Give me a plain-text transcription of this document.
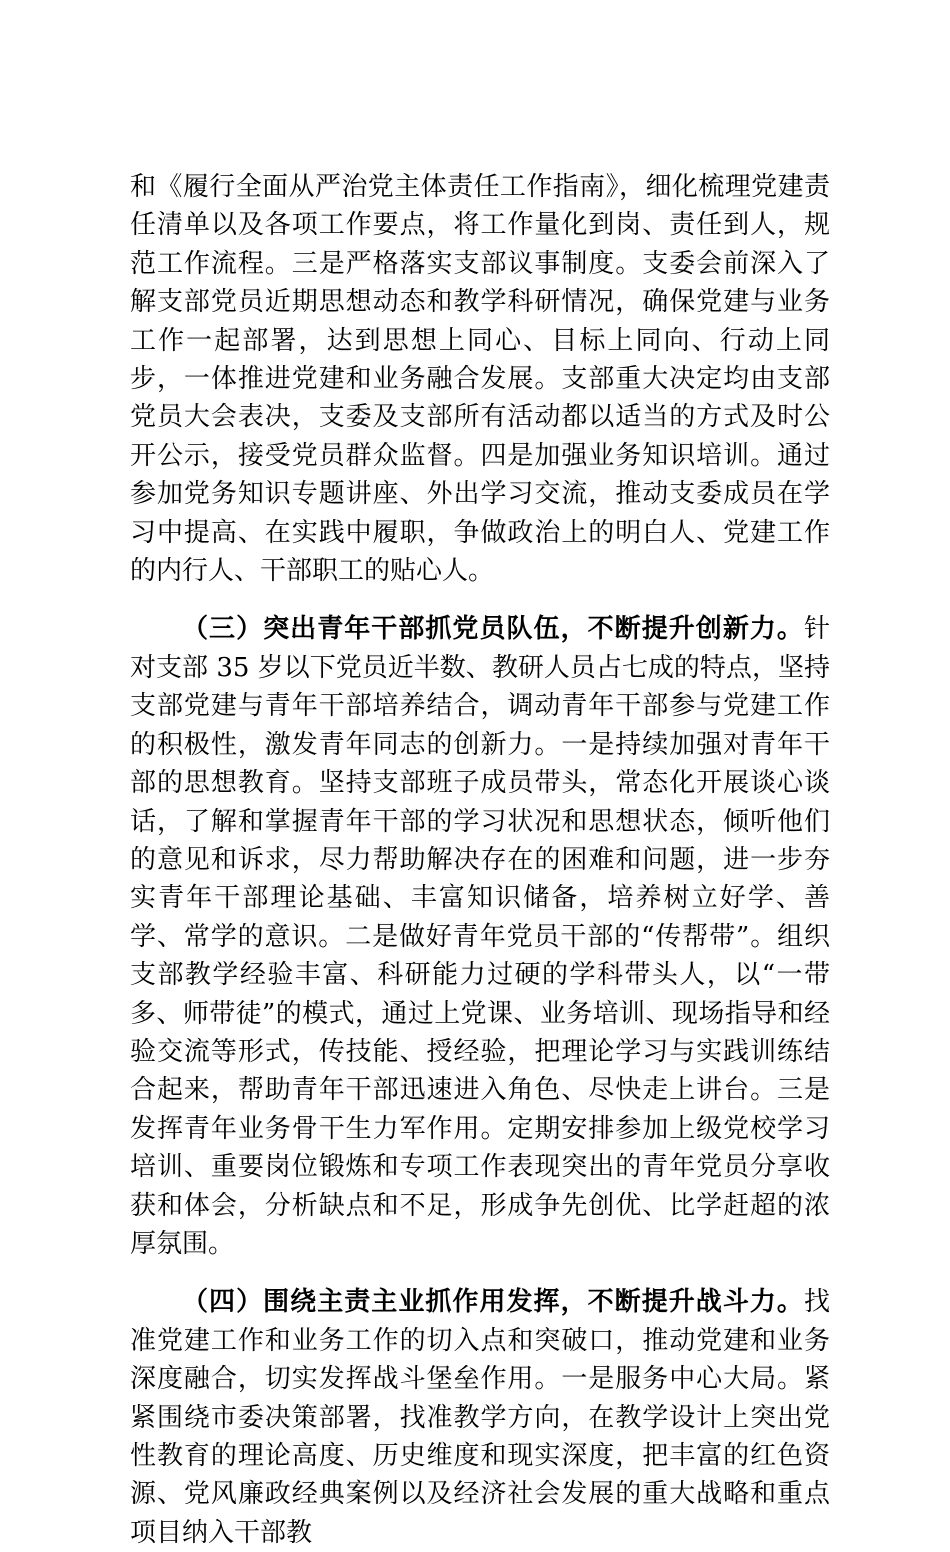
和《履行全面从严治党主体责任工作指南》，细化梳理党建责任清单以及各项工作要点，将工作量化到岗、责任到人，规范工作流程。三是严格落实支部议事制度。支委会前深入了解支部党员近期思想动态和教学科研情况，确保党建与业务工作一起部署，达到思想上同心、目标上同向、行动上同步，一体推进党建和业务融合发展。支部重大决定均由支部党员大会表决，支委及支部所有活动都以适当的方式及时公开公示，接受党员群众监督。四是加强业务知识培训。通过参加党务知识专题讲座、外出学习交流，推动支委成员在学习中提高、在实践中履职，争做政治上的明白人、党建工作的内行人、干部职工的贴心人。

（三）突出青年干部抓党员队伍，不断提升创新力。针对支部 35 岁以下党员近半数、教研人员占七成的特点，坚持支部党建与青年干部培养结合，调动青年干部参与党建工作的积极性，激发青年同志的创新力。一是持续加强对青年干部的思想教育。坚持支部班子成员带头，常态化开展谈心谈话，了解和掌握青年干部的学习状况和思想状态，倾听他们的意见和诉求，尽力帮助解决存在的困难和问题，进一步夯实青年干部理论基础、丰富知识储备，培养树立好学、善学、常学的意识。二是做好青年党员干部的“传帮带”。组织支部教学经验丰富、科研能力过硬的学科带头人，以“一带多、师带徒”的模式，通过上党课、业务培训、现场指导和经验交流等形式，传技能、授经验，把理论学习与实践训练结合起来，帮助青年干部迅速进入角色、尽快走上讲台。三是发挥青年业务骨干生力军作用。定期安排参加上级党校学习培训、重要岗位锻炼和专项工作表现突出的青年党员分享收获和体会，分析缺点和不足，形成争先创优、比学赶超的浓厚氛围。

（四）围绕主责主业抓作用发挥，不断提升战斗力。找准党建工作和业务工作的切入点和突破口，推动党建和业务深度融合，切实发挥战斗堡垒作用。一是服务中心大局。紧紧围绕市委决策部署，找准教学方向，在教学设计上突出党性教育的理论高度、历史维度和现实深度，把丰富的红色资源、党风廉政经典案例以及经济社会发展的重大战略和重点项目纳入干部教
